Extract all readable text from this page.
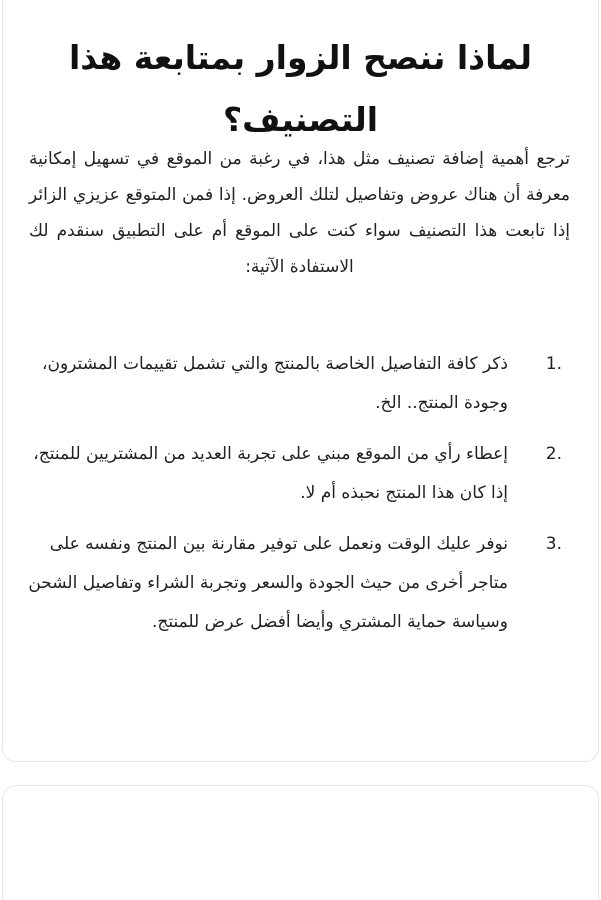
لماذا ننصح الزوار بمتابعة هذا التصنيف؟

ترجع أهمية إضافة تصنيف مثل هذا، في رغبة من الموقع في تسهيل إمكانية معرفة أن هناك عروض وتفاصيل لتلك العروض. إذا فمن المتوقع عزيزي الزائر إذا تابعت هذا التصنيف سواء كنت على الموقع أم على التطبيق سنقدم لك الاستفادة الآتية:

1.
ذكر كافة التفاصيل الخاصة بالمنتج والتي تشمل تقييمات المشترون، وجودة المنتج.. الخ.
2.
إعطاء رأي من الموقع مبني على تجربة العديد من المشتريين للمنتج، إذا كان هذا المنتج نحبذه أم لا.
3.
نوفر عليك الوقت ونعمل على توفير مقارنة بين المنتج ونفسه على متاجر أخرى من حيث الجودة والسعر وتجربة الشراء وتفاصيل الشحن وسياسة حماية المشتري وأيضا أفضل عرض للمنتج.
